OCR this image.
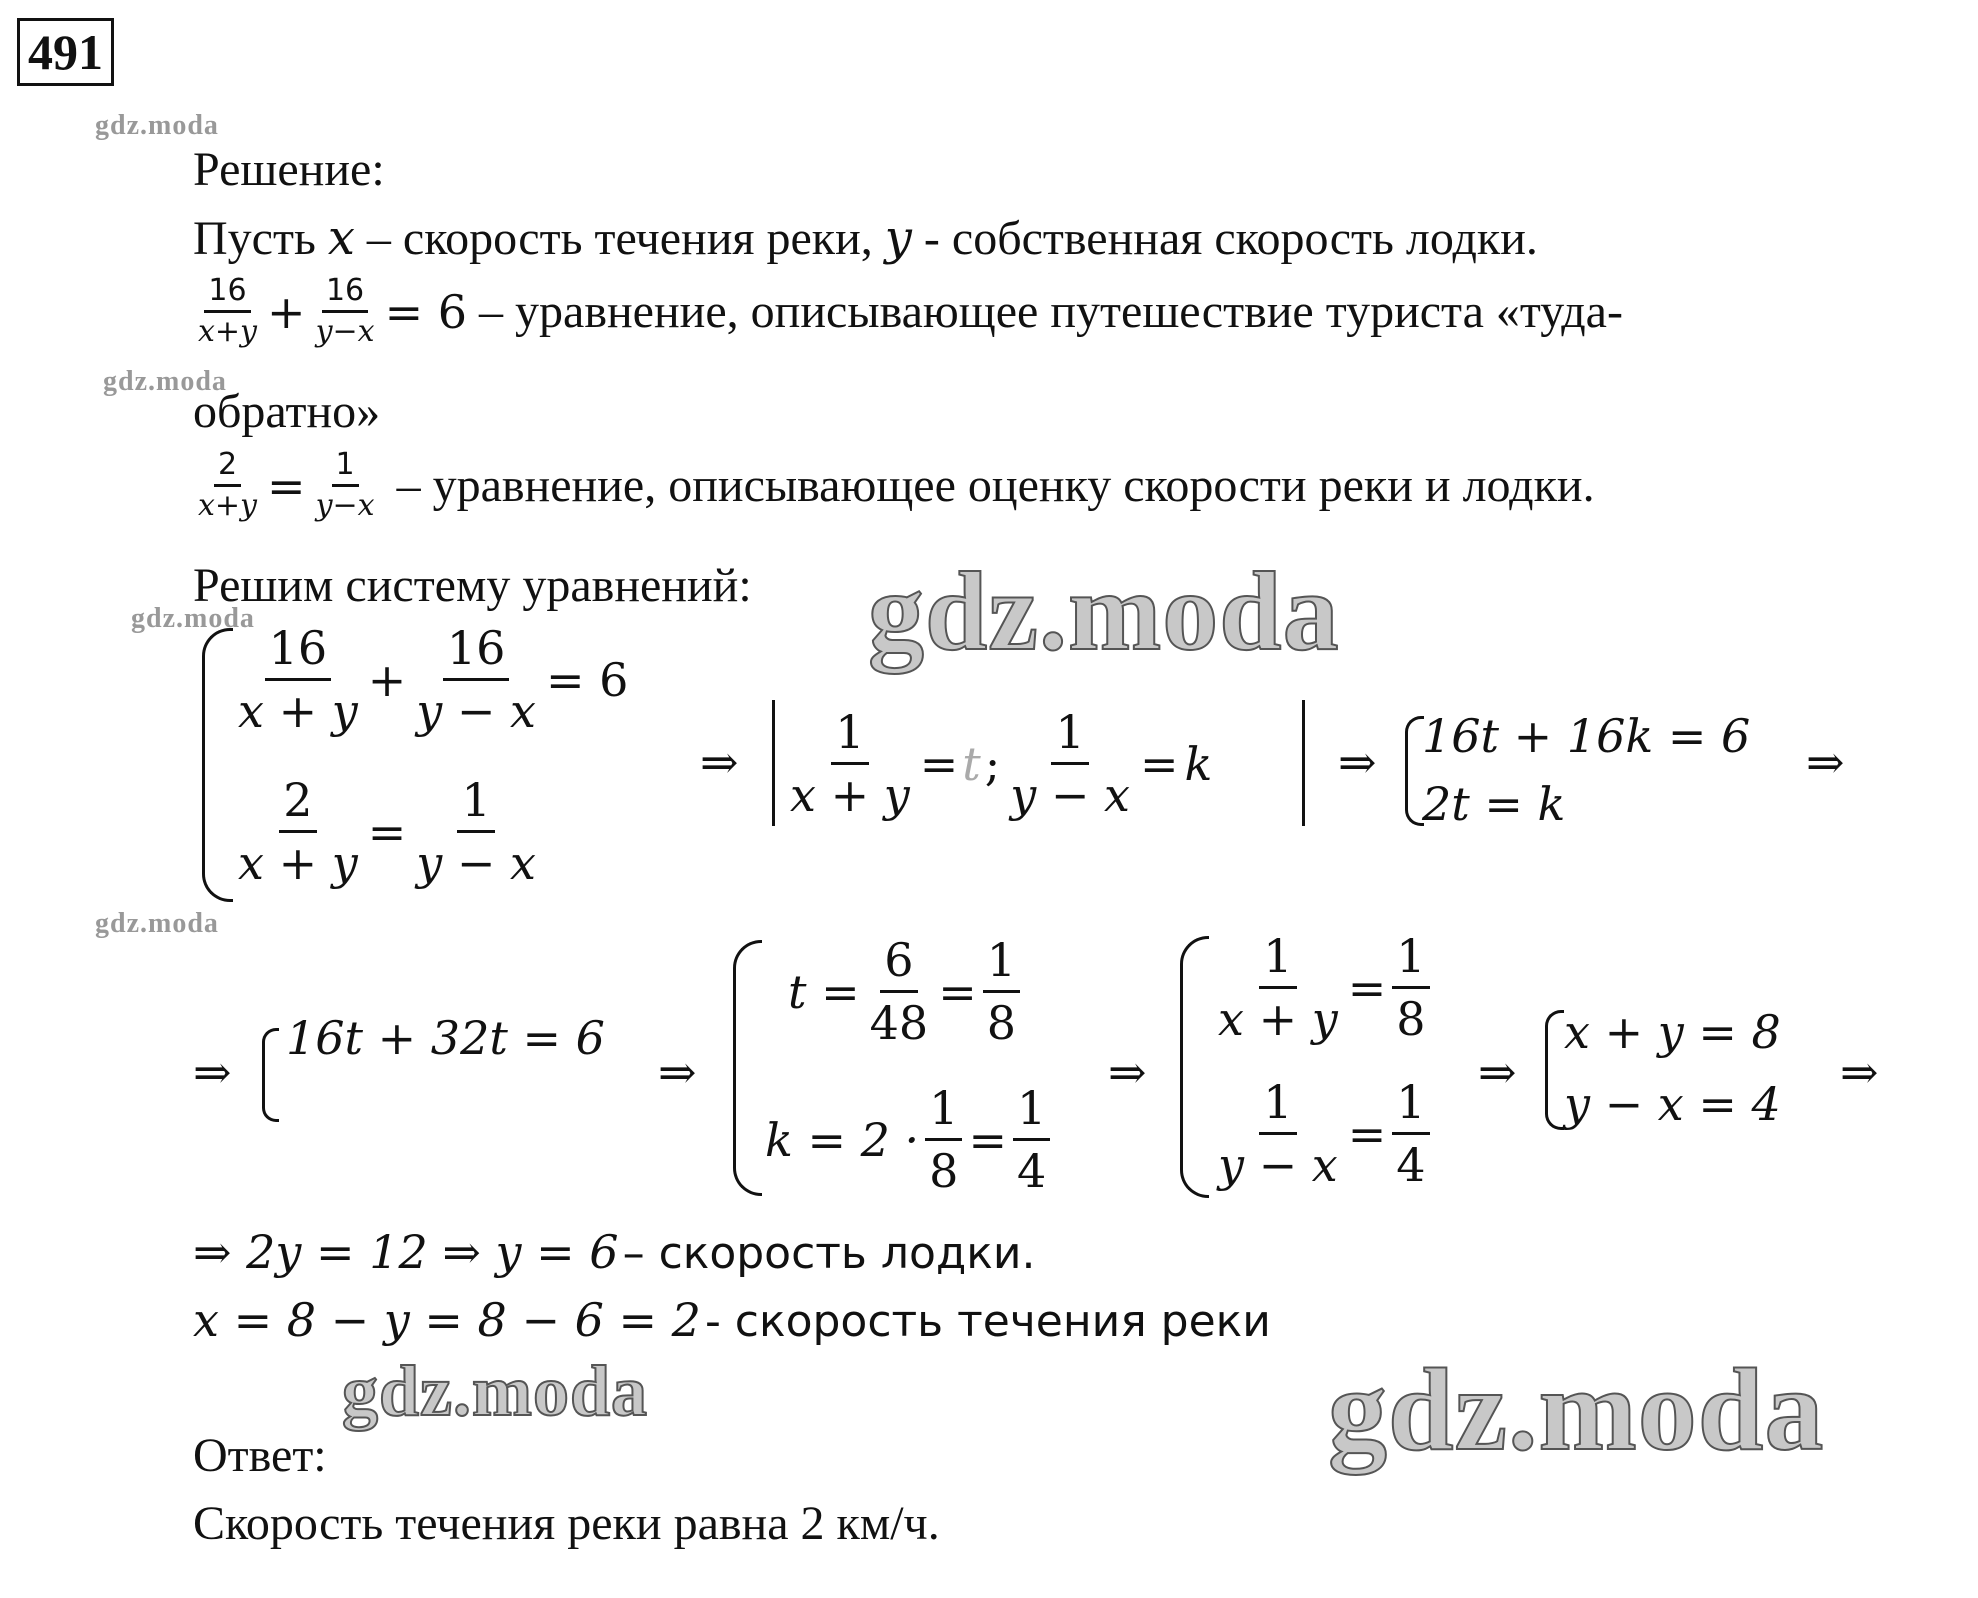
491
gdz.moda
gdz.moda
gdz.moda
gdz.moda
Решение:
Пусть x – скорость течения реки, y - собственная скорость лодки.
$\frac{16}{x+y} + \frac{16}{y-x} = 6$ – уравнение, описывающее путешествие туриста «туда-
обратно»
$\frac{2}{x+y} = \frac{1}{y-x}$ – уравнение, описывающее оценку скорости реки и лодки.
Решим систему уравнений:
$\frac{16}{x + y} + \frac{16}{y - x} = 6$
$\frac{2}{x + y} = \frac{1}{y - x}$
gdz.moda
⇒ $\frac{1}{x + y} = t$ ; $\frac{1}{y - x} = k$	⇒ 16t + 16k = 6
2t = k
⇒
⇒
16t + 32t = 6
⇒
$t = \frac{6}{48} = \frac{1}{8}$
$k = 2 \cdot \frac{1}{8} = \frac{1}{4}$
⇒
$\frac{1}{x + y} = \frac{1}{8}$
$\frac{1}{y - x} = \frac{1}{4}$ ⇒
x + y = 8
y − x = 4
⇒
⇒ 2y = 12 ⇒ y = 6 – скорость лодки.
x = 8 − y = 8 − 6 = 2 - скорость течения реки
gdz.moda	gdz.moda
Ответ:
Скорость течения реки равна 2 км/ч.
